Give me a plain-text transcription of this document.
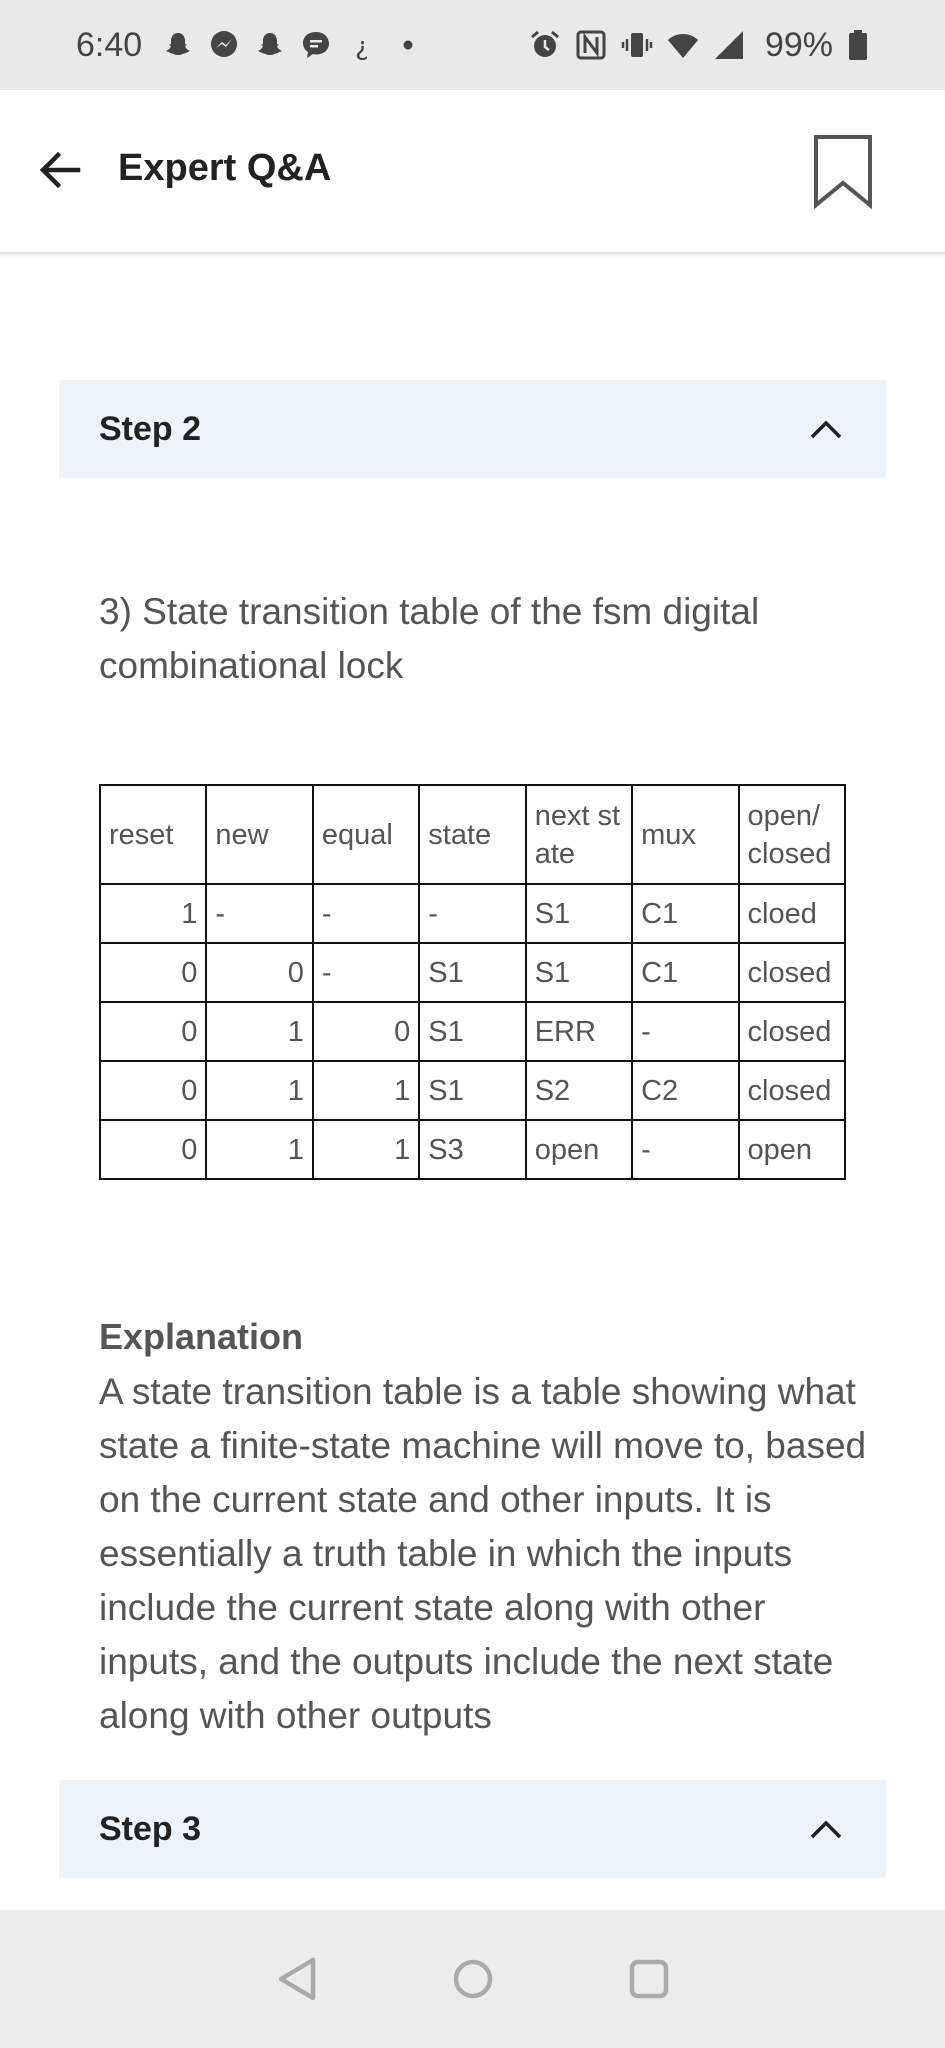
6:40	¿	99%
Expert Q&A
Step 2
3) State transition table of the fsm digital combinational lock
reset	new	equal	state	next st ate	mux	open/ closed
1	-	-	-	S1	C1	cloed
0	0	-	S1	S1	C1	closed
0	1	0	S1	ERR	-	closed
0	1	1	S1	S2	C2	closed
0	1	1	S3	open	-	open
Explanation
A state transition table is a table showing what state a finite-state machine will move to, based on the current state and other inputs. It is essentially a truth table in which the inputs include the current state along with other inputs, and the outputs include the next state along with other outputs
Step 3
